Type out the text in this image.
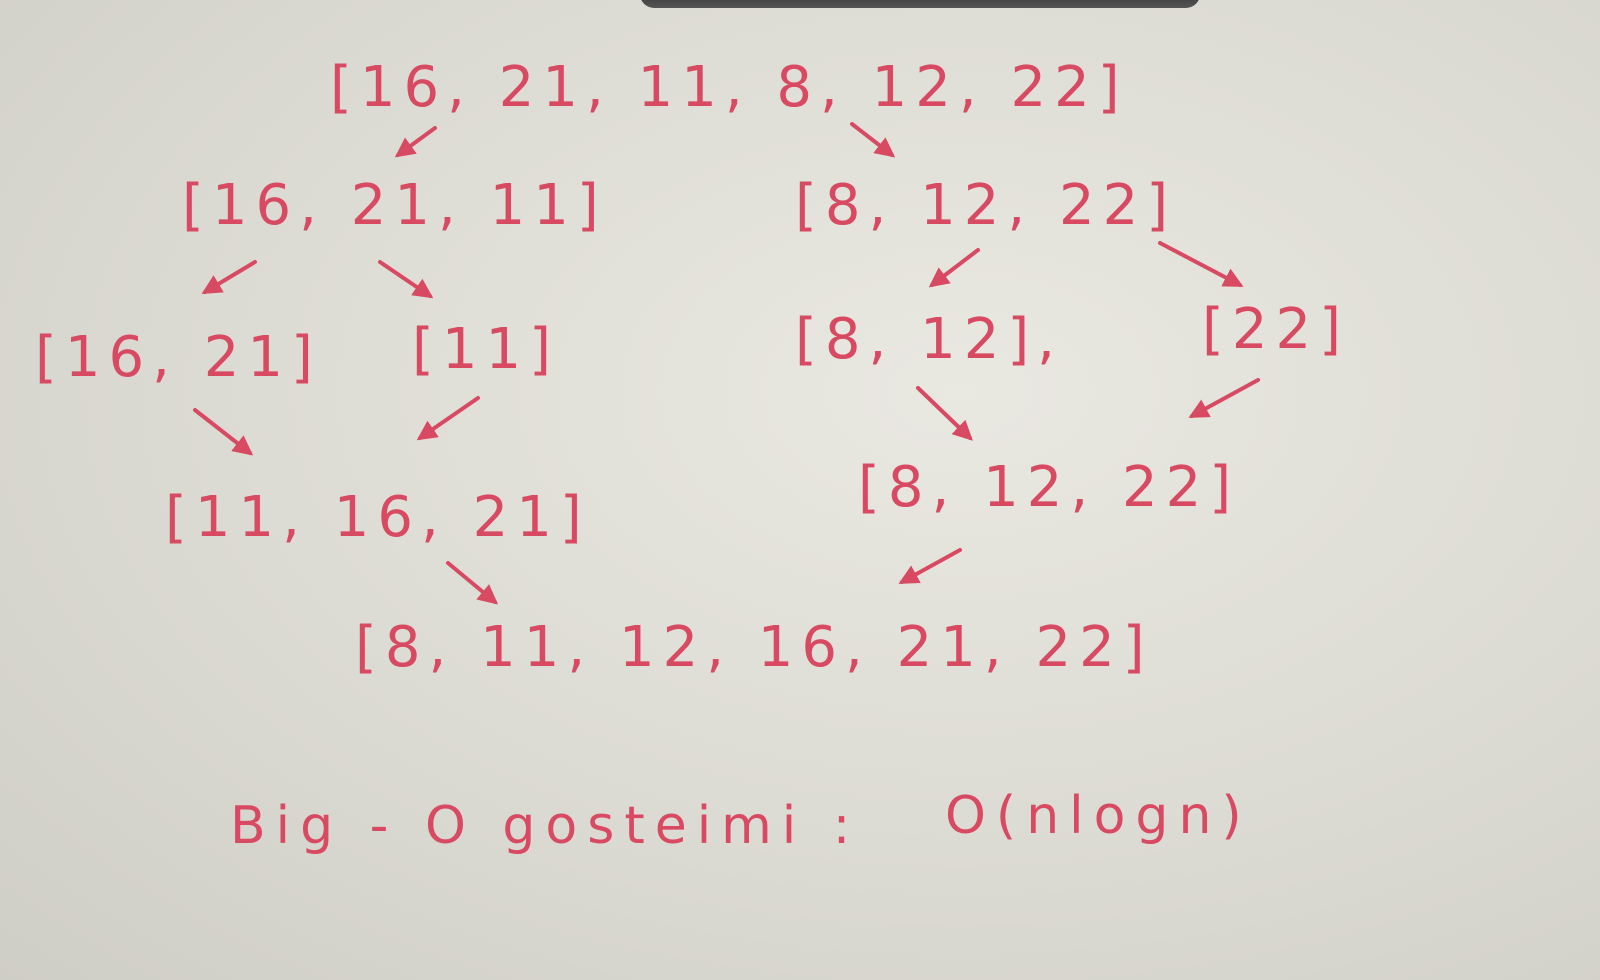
[16, 21, 11, 8, 12, 22]
[16, 21, 11]	[8, 12, 22]
[16, 21] [11]	[8, 12], [22]
[11, 16, 21]	[8, 12, 22]
[8, 11, 12, 16, 21, 22]
Big - O gosteimi : O(nlogn)
